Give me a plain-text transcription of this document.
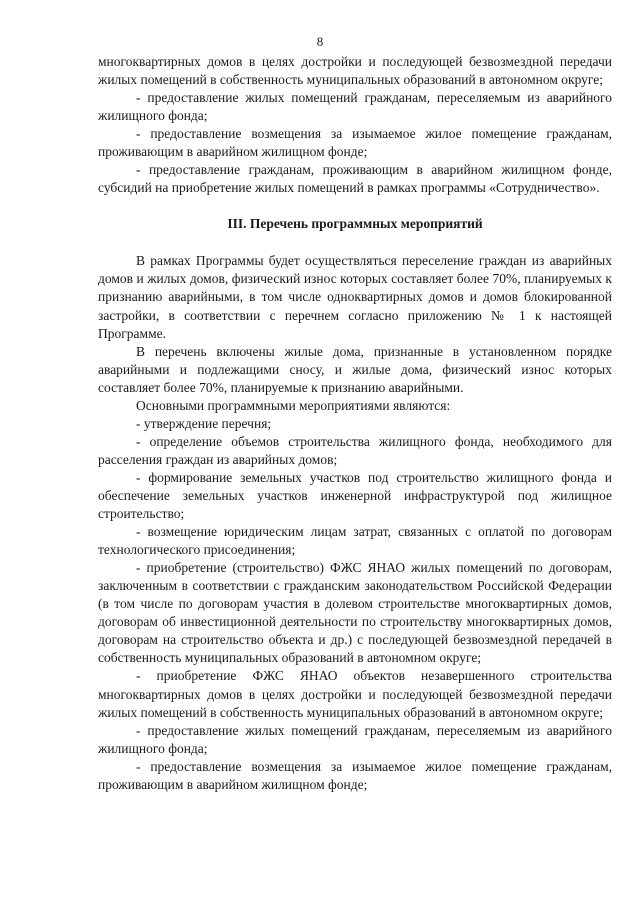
8

многоквартирных домов в целях достройки и последующей безвозмездной передачи жилых помещений в собственность муниципальных образований в автономном округе;

- предоставление жилых помещений гражданам, переселяемым из аварийного жилищного фонда;

- предоставление возмещения за изымаемое жилое помещение гражданам, проживающим в аварийном жилищном фонде;

- предоставление гражданам, проживающим в аварийном жилищном фонде, субсидий на приобретение жилых помещений в рамках программы «Сотрудничество».

III. Перечень программных мероприятий

В рамках Программы будет осуществляться переселение граждан из аварийных домов и жилых домов, физический износ которых составляет более 70%, планируемых к признанию аварийными, в том числе одноквартирных домов и домов блокированной застройки, в соответствии с перечнем согласно приложению № 1 к настоящей Программе.

В перечень включены жилые дома, признанные в установленном порядке аварийными и подлежащими сносу, и жилые дома, физический износ которых составляет более 70%, планируемые к признанию аварийными.

Основными программными мероприятиями являются:

- утверждение перечня;

- определение объемов строительства жилищного фонда, необходимого для расселения граждан из аварийных домов;

- формирование земельных участков под строительство жилищного фонда и обеспечение земельных участков инженерной инфраструктурой под жилищное строительство;

- возмещение юридическим лицам затрат, связанных с оплатой по договорам технологического присоединения;

- приобретение (строительство) ФЖС ЯНАО жилых помещений по договорам, заключенным в соответствии с гражданским законодательством Российской Федерации (в том числе по договорам участия в долевом строительстве многоквартирных домов, договорам об инвестиционной деятельности по строительству многоквартирных домов, договорам на строительство объекта и др.) с последующей безвозмездной передачей в собственность муниципальных образований в автономном округе;

- приобретение ФЖС ЯНАО объектов незавершенного строительства многоквартирных домов в целях достройки и последующей безвозмездной передачи жилых помещений в собственность муниципальных образований в автономном округе;

- предоставление жилых помещений гражданам, переселяемым из аварийного жилищного фонда;

- предоставление возмещения за изымаемое жилое помещение гражданам, проживающим в аварийном жилищном фонде;
